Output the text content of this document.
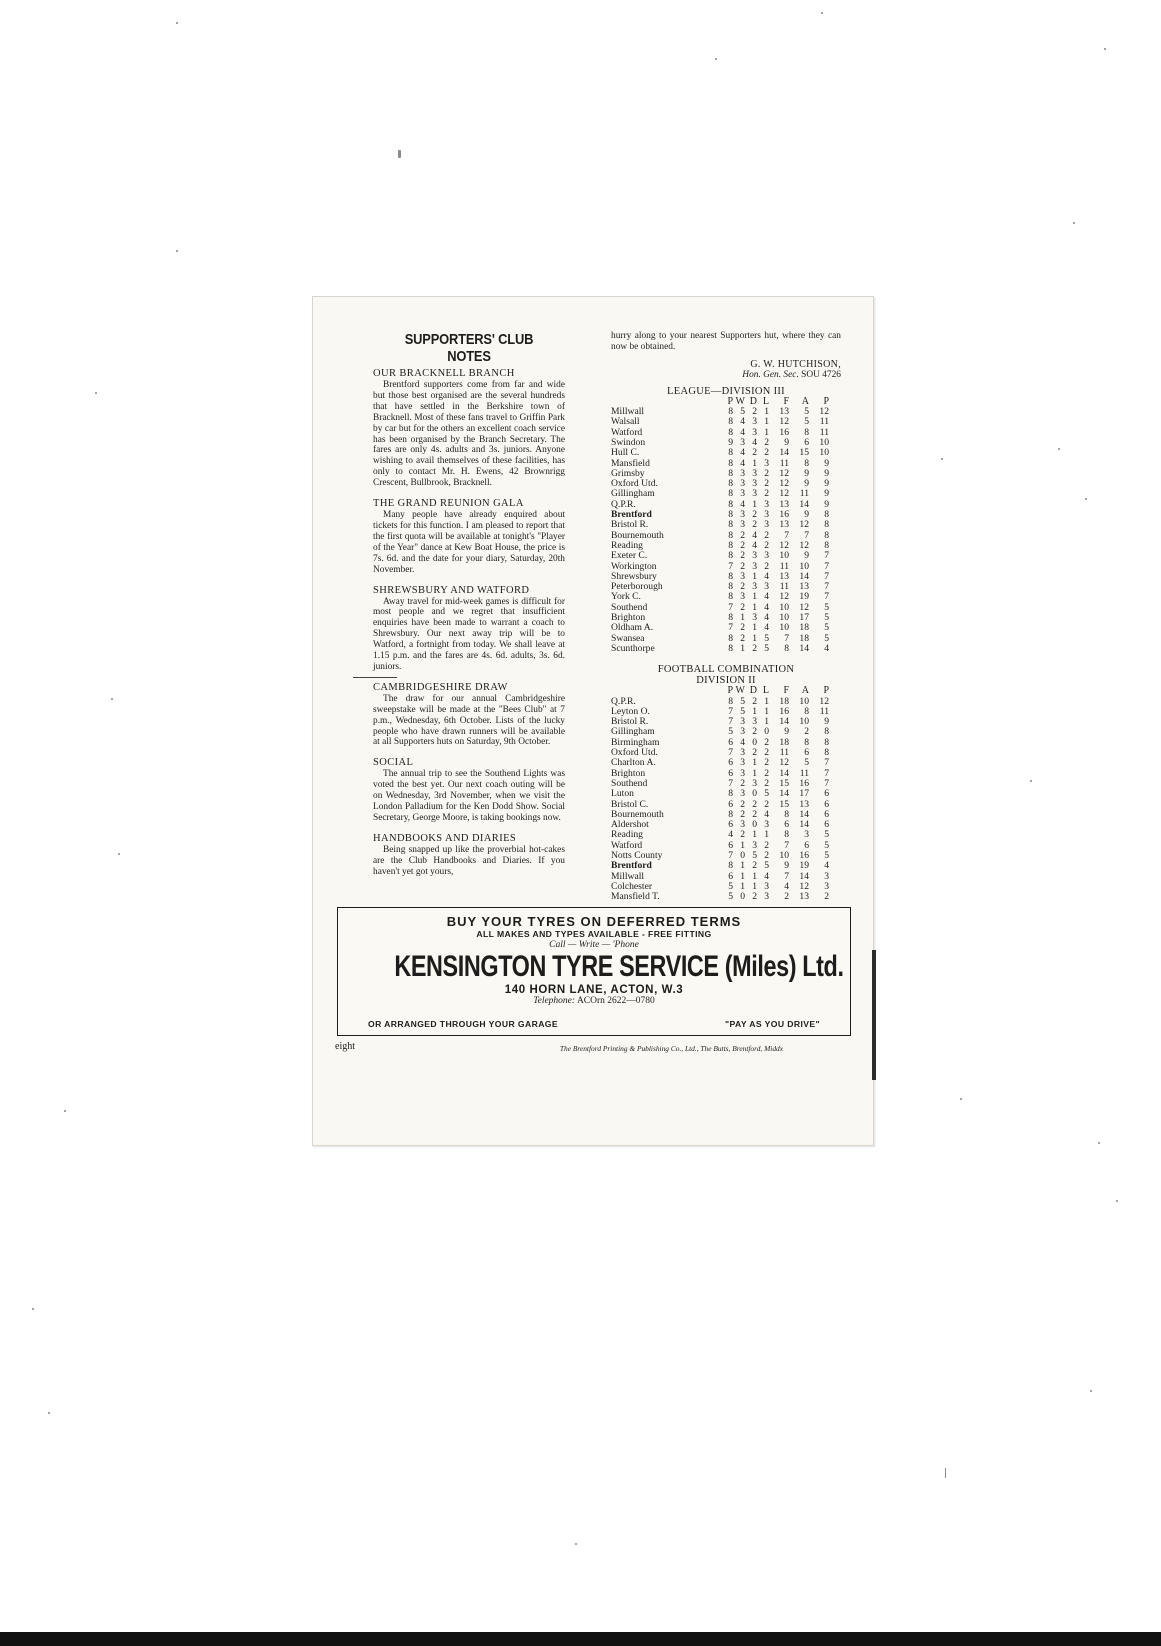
SUPPORTERS' CLUB NOTES

OUR BRACKNELL BRANCH

Brentford supporters come from far and wide but those best organised are the several hundreds that have settled in the Berkshire town of Bracknell. Most of these fans travel to Griffin Park by car but for the others an excellent coach service has been organised by the Branch Secretary. The fares are only 4s. adults and 3s. juniors. Anyone wishing to avail themselves of these facilities, has only to contact Mr. H. Ewens, 42 Brownrigg Crescent, Bullbrook, Bracknell.

THE GRAND REUNION GALA

Many people have already enquired about tickets for this function. I am pleased to report that the first quota will be available at tonight's "Player of the Year" dance at Kew Boat House, the price is 7s. 6d. and the date for your diary, Saturday, 20th November.

SHREWSBURY AND WATFORD

Away travel for mid-week games is difficult for most people and we regret that insufficient enquiries have been made to warrant a coach to Shrewsbury. Our next away trip will be to Watford, a fortnight from today. We shall leave at 1.15 p.m. and the fares are 4s. 6d. adults, 3s. 6d. juniors.

CAMBRIDGESHIRE DRAW

The draw for our annual Cambridgeshire sweepstake will be made at the "Bees Club" at 7 p.m., Wednesday, 6th October. Lists of the lucky people who have drawn runners will be available at all Supporters huts on Saturday, 9th October.

SOCIAL

The annual trip to see the Southend Lights was voted the best yet. Our next coach outing will be on Wednesday, 3rd November, when we visit the London Palladium for the Ken Dodd Show. Social Secretary, George Moore, is taking bookings now.

HANDBOOKS AND DIARIES

Being snapped up like the proverbial hot-cakes are the Club Handbooks and Diaries. If you haven't yet got yours,

hurry along to your nearest Supporters hut, where they can now be obtained.

G. W. HUTCHISON,
Hon. Gen. Sec. SOU 4726
LEAGUE—DIVISION III
	P	W	D	L	F	A	P
Millwall	8	5	2	1	13	5	12
Walsall	8	4	3	1	12	5	11
Watford	8	4	3	1	16	8	11
Swindon	9	3	4	2	9	6	10
Hull C.	8	4	2	2	14	15	10
Mansfield	8	4	1	3	11	8	9
Grimsby	8	3	3	2	12	9	9
Oxford Utd.	8	3	3	2	12	9	9
Gillingham	8	3	3	2	12	11	9
Q.P.R.	8	4	1	3	13	14	9
Brentford	8	3	2	3	16	9	8
Bristol R.	8	3	2	3	13	12	8
Bournemouth	8	2	4	2	7	7	8
Reading	8	2	4	2	12	12	8
Exeter C.	8	2	3	3	10	9	7
Workington	7	2	3	2	11	10	7
Shrewsbury	8	3	1	4	13	14	7
Peterborough	8	2	3	3	11	13	7
York C.	8	3	1	4	12	19	7
Southend	7	2	1	4	10	12	5
Brighton	8	1	3	4	10	17	5
Oldham A.	7	2	1	4	10	18	5
Swansea	8	2	1	5	7	18	5
Scunthorpe	8	1	2	5	8	14	4
FOOTBALL COMBINATION
DIVISION II
	P	W	D	L	F	A	P
Q.P.R.	8	5	2	1	18	10	12
Leyton O.	7	5	1	1	16	8	11
Bristol R.	7	3	3	1	14	10	9
Gillingham	5	3	2	0	9	2	8
Birmingham	6	4	0	2	18	8	8
Oxford Utd.	7	3	2	2	11	6	8
Charlton A.	6	3	1	2	12	5	7
Brighton	6	3	1	2	14	11	7
Southend	7	2	3	2	15	16	7
Luton	8	3	0	5	14	17	6
Bristol C.	6	2	2	2	15	13	6
Bournemouth	8	2	2	4	8	14	6
Aldershot	6	3	0	3	6	14	6
Reading	4	2	1	1	8	3	5
Watford	6	1	3	2	7	6	5
Notts County	7	0	5	2	10	16	5
Brentford	8	1	2	5	9	19	4
Millwall	6	1	1	4	7	14	3
Colchester	5	1	1	3	4	12	3
Mansfield T.	5	0	2	3	2	13	2
BUY YOUR TYRES ON DEFERRED TERMS
ALL MAKES AND TYPES AVAILABLE - FREE FITTING
Call — Write — 'Phone
KENSINGTON TYRE SERVICE (Miles) Ltd.
140 HORN LANE, ACTON, W.3
Telephone: ACOrn 2622—0780
OR ARRANGED THROUGH YOUR GARAGE	"PAY AS YOU DRIVE"
eight	The Brentford Printing & Publishing Co., Ltd., The Butts, Brentford, Middx
